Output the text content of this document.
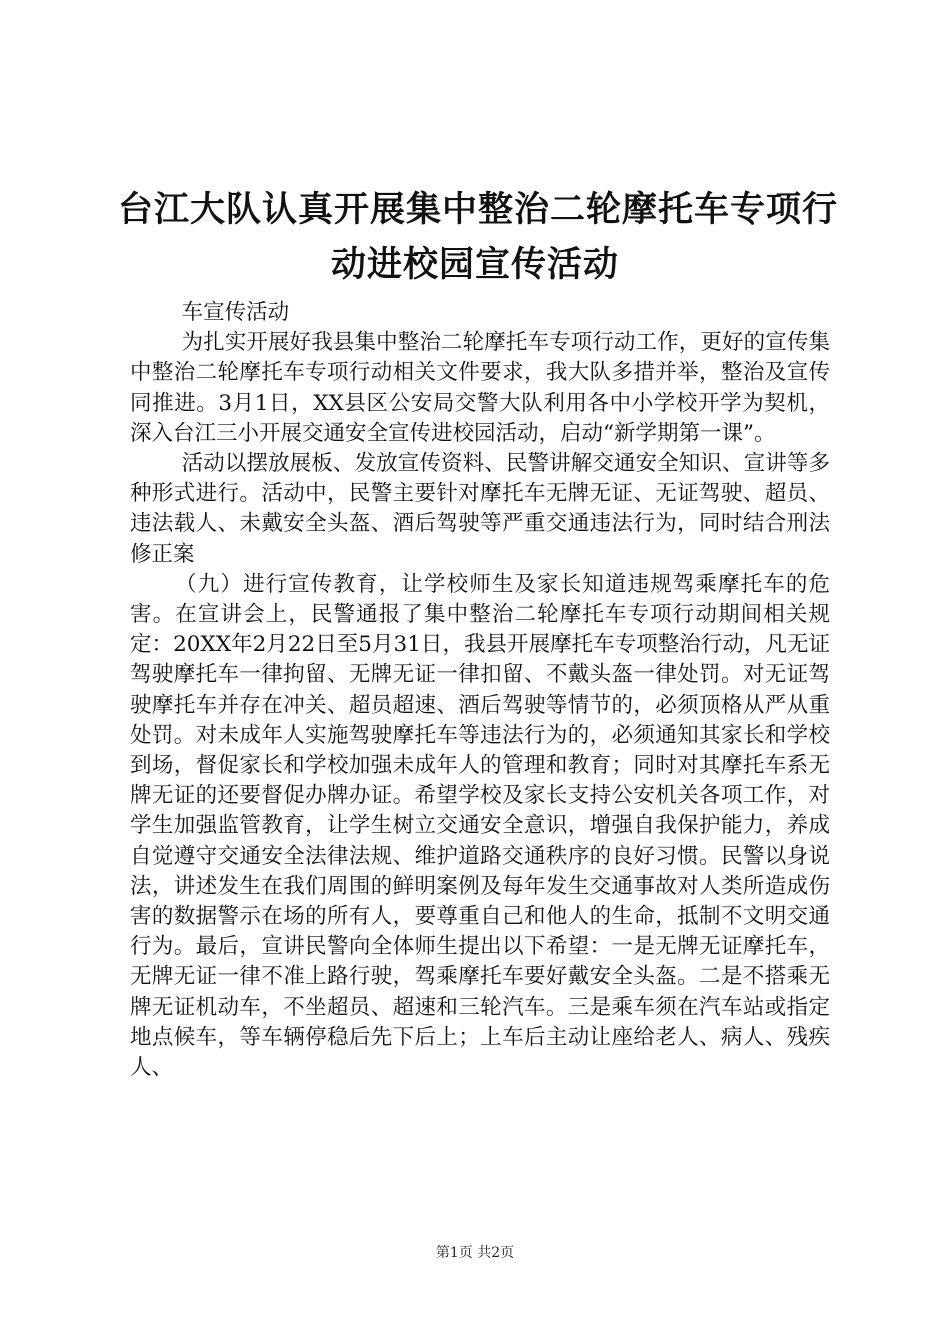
台江大队认真开展集中整治二轮摩托车专项行
动进校园宣传活动

车宣传活动

为扎实开展好我县集中整治二轮摩托车专项行动工作，更好的宣传集中整治二轮摩托车专项行动相关文件要求，我大队多措并举，整治及宣传同推进。3月1日，XX县区公安局交警大队利用各中小学校开学为契机，深入台江三小开展交通安全宣传进校园活动，启动“新学期第一课”。

活动以摆放展板、发放宣传资料、民警讲解交通安全知识、宣讲等多种形式进行。活动中，民警主要针对摩托车无牌无证、无证驾驶、超员、违法载人、未戴安全头盔、酒后驾驶等严重交通违法行为，同时结合刑法修正案

（九）进行宣传教育，让学校师生及家长知道违规驾乘摩托车的危害。在宣讲会上，民警通报了集中整治二轮摩托车专项行动期间相关规定：20XX年2月22日至5月31日，我县开展摩托车专项整治行动，凡无证驾驶摩托车一律拘留、无牌无证一律扣留、不戴头盔一律处罚。对无证驾驶摩托车并存在冲关、超员超速、酒后驾驶等情节的，必须顶格从严从重处罚。对未成年人实施驾驶摩托车等违法行为的，必须通知其家长和学校到场，督促家长和学校加强未成年人的管理和教育；同时对其摩托车系无牌无证的还要督促办牌办证。希望学校及家长支持公安机关各项工作，对学生加强监管教育，让学生树立交通安全意识，增强自我保护能力，养成自觉遵守交通安全法律法规、维护道路交通秩序的良好习惯。民警以身说法，讲述发生在我们周围的鲜明案例及每年发生交通事故对人类所造成伤害的数据警示在场的所有人，要尊重自己和他人的生命，抵制不文明交通行为。最后，宣讲民警向全体师生提出以下希望：一是无牌无证摩托车，无牌无证一律不准上路行驶，驾乘摩托车要好戴安全头盔。二是不搭乘无牌无证机动车，不坐超员、超速和三轮汽车。三是乘车须在汽车站或指定地点候车，等车辆停稳后先下后上；上车后主动让座给老人、病人、残疾人、

第1页 共2页
